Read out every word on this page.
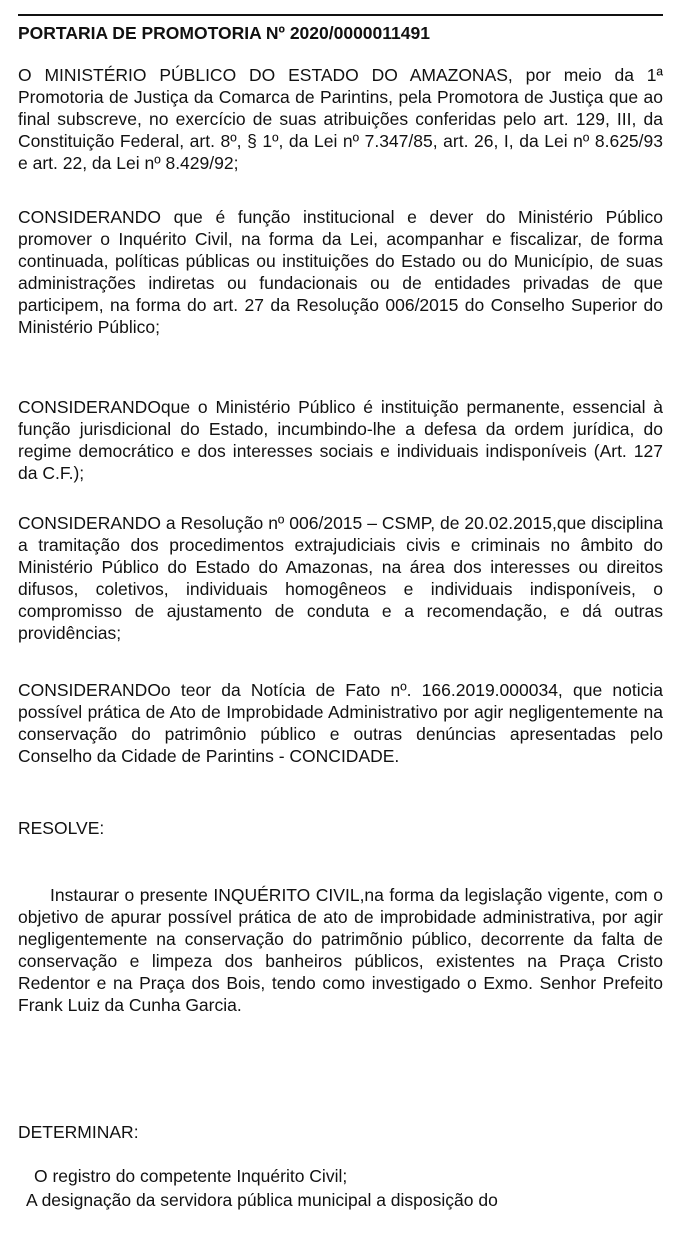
PORTARIA DE PROMOTORIA Nº 2020/0000011491

O MINISTÉRIO PÚBLICO DO ESTADO DO AMAZONAS, por meio da 1ª Promotoria de Justiça da Comarca de Parintins, pela Promotora de Justiça que ao final subscreve, no exercício de suas atribuições conferidas pelo art. 129, III, da Constituição Federal, art. 8º, § 1º, da Lei nº 7.347/85, art. 26, I, da Lei nº 8.625/93 e art. 22, da Lei nº 8.429/92;

CONSIDERANDO que é função institucional e dever do Ministério Público promover o Inquérito Civil, na forma da Lei, acompanhar e fiscalizar, de forma continuada, políticas públicas ou instituições do Estado ou do Município, de suas administrações indiretas ou fundacionais ou de entidades privadas de que participem, na forma do art. 27 da Resolução 006/2015 do Conselho Superior do Ministério Público;

CONSIDERANDOque o Ministério Público é instituição permanente, essencial à função jurisdicional do Estado, incumbindo-lhe a defesa da ordem jurídica, do regime democrático e dos interesses sociais e individuais indisponíveis (Art. 127 da C.F.);

CONSIDERANDO a Resolução nº 006/2015 – CSMP, de 20.02.2015,que disciplina a tramitação dos procedimentos extrajudiciais civis e criminais no âmbito do Ministério Público do Estado do Amazonas, na área dos interesses ou direitos difusos, coletivos, individuais homogêneos e individuais indisponíveis, o compromisso de ajustamento de conduta e a recomendação, e dá outras providências;

CONSIDERANDOo teor da Notícia de Fato nº. 166.2019.000034, que noticia possível prática de Ato de Improbidade Administrativo por agir negligentemente na conservação do patrimônio público e outras denúncias apresentadas pelo Conselho da Cidade de Parintins - CONCIDADE.

RESOLVE:

Instaurar o presente INQUÉRITO CIVIL,na forma da legislação vigente, com o objetivo de apurar possível prática de ato de improbidade administrativa, por agir negligentemente na conservação do patrimõnio público, decorrente da falta de conservação e limpeza dos banheiros públicos, existentes na Praça Cristo Redentor e na Praça dos Bois, tendo como investigado o Exmo. Senhor Prefeito Frank Luiz da Cunha Garcia.

DETERMINAR:
O registro do competente Inquérito Civil;
A designação da servidora pública municipal a disposição do
